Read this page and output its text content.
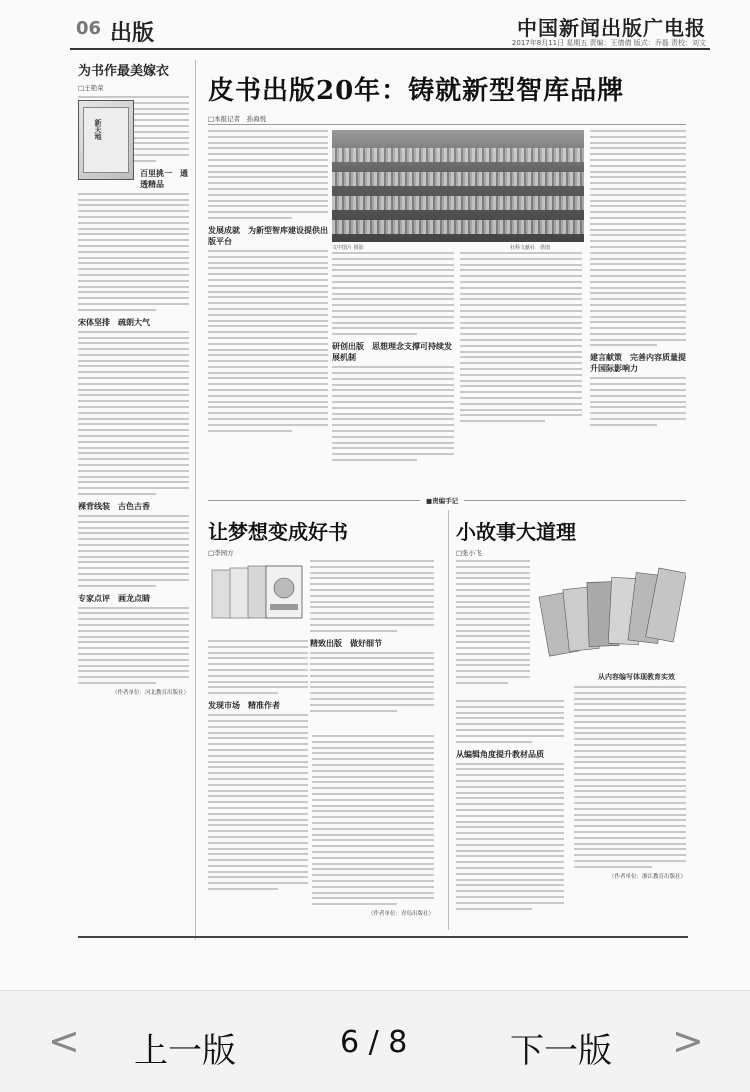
06 出版	中国新闻出版广电报
2017年8月11日 星期五 责编：王倩倩 版式：乔磊 责校：刘文
为书作最美嫁衣
□王艳荣
新天地
百里挑一　通透精品
宋体坚排　疏朗大气
裸背线装　古色古香
专家点评　画龙点睛
（作者单位：河北教育出版社）
皮书出版20年：铸就新型智库品牌
□本报记者　孙海悦
发展成就　为新型智库建设提供出版平台
文中图片 摄影	社科文献社　供图
研创出版　思想理念支撑可持续发展机制	建言献策　完善内容质量提升国际影响力
■责编手记
让梦想变成好书
□李园方
精致出版　做好细节
发现市场　精准作者
（作者单位：青岛出版社）
小故事大道理
□张小飞
从内容编写体现教育实效
从编辑角度提升教材品质
（作者单位：浙江教育出版社）
< 上一版	6 / 8	下一版 >
